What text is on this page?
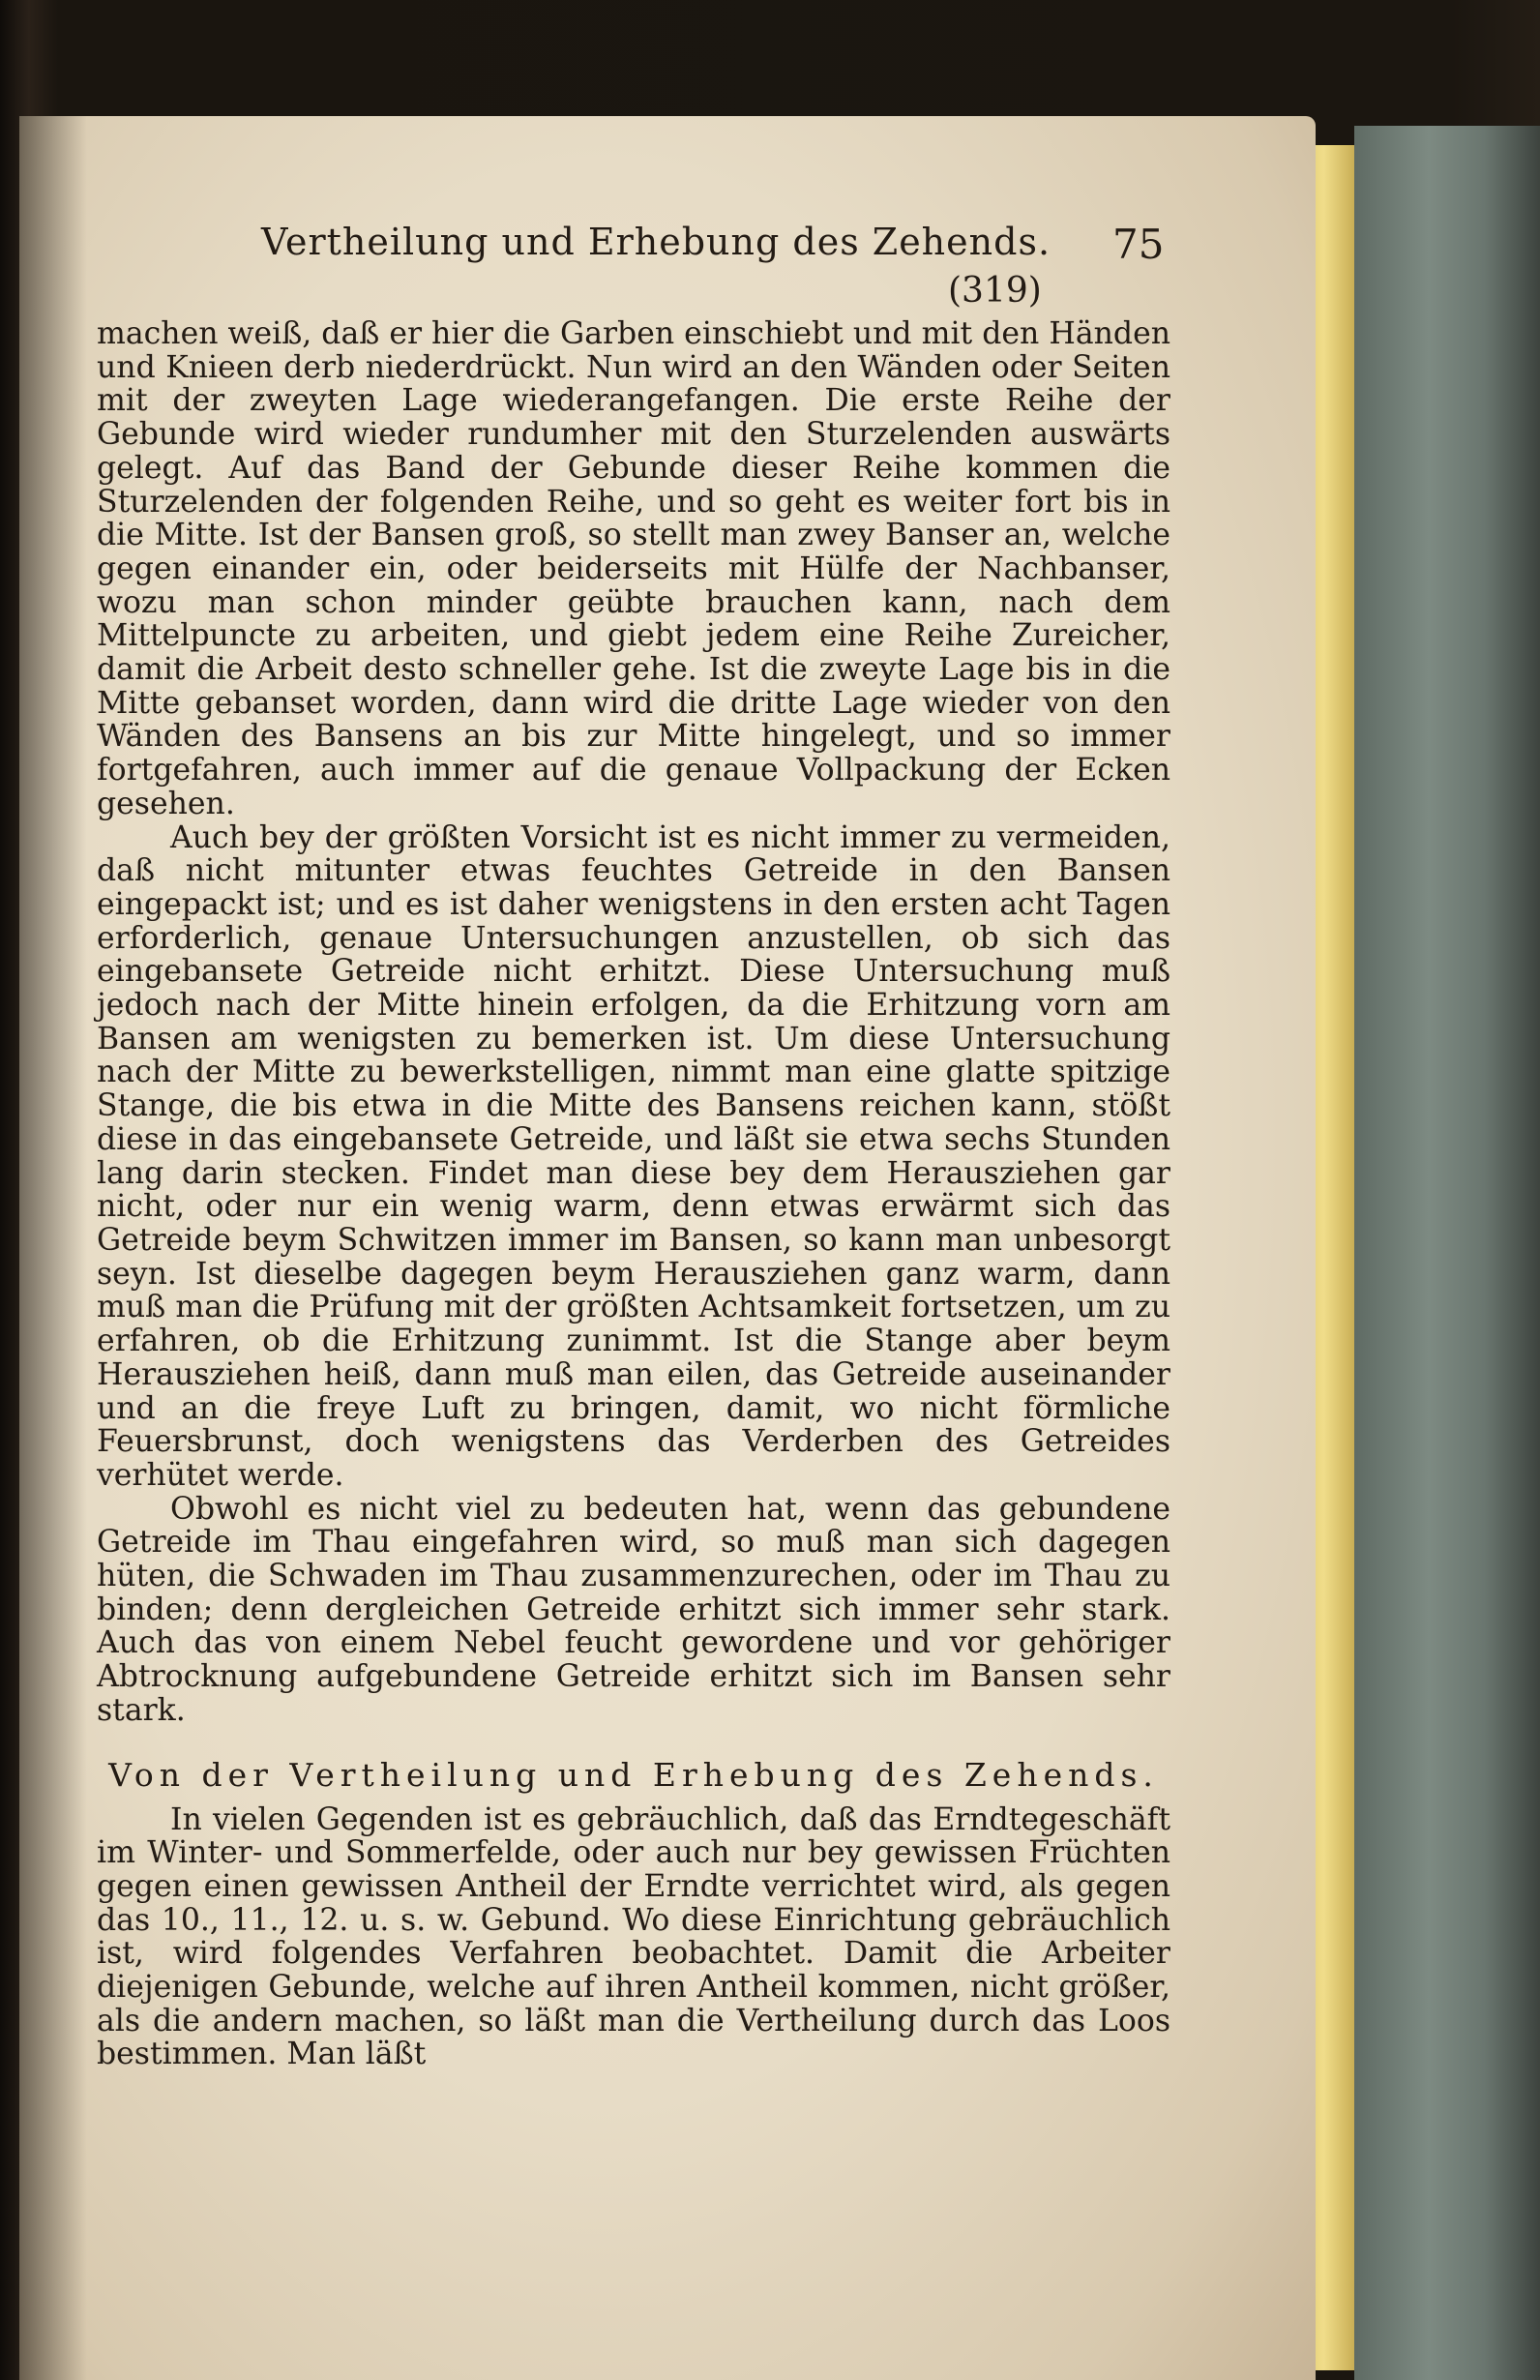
Vertheilung und Erhebung des Zehends. 75
(319)

machen weiß, daß er hier die Garben einschiebt und mit den Händen und Knieen derb niederdrückt. Nun wird an den Wänden oder Seiten mit der zweyten Lage wiederangefangen. Die erste Reihe der Gebunde wird wieder rundumher mit den Sturzelenden auswärts gelegt. Auf das Band der Gebunde dieser Reihe kommen die Sturzelenden der folgenden Reihe, und so geht es weiter fort bis in die Mitte. Ist der Bansen groß, so stellt man zwey Banser an, welche gegen einander ein, oder beiderseits mit Hülfe der Nachbanser, wozu man schon minder geübte brauchen kann, nach dem Mittelpuncte zu arbeiten, und giebt jedem eine Reihe Zureicher, damit die Arbeit desto schneller gehe. Ist die zweyte Lage bis in die Mitte gebanset worden, dann wird die dritte Lage wieder von den Wänden des Bansens an bis zur Mitte hingelegt, und so immer fortgefahren, auch immer auf die genaue Vollpackung der Ecken gesehen.

Auch bey der größten Vorsicht ist es nicht immer zu vermeiden, daß nicht mitunter etwas feuchtes Getreide in den Bansen eingepackt ist; und es ist daher wenigstens in den ersten acht Tagen erforderlich, genaue Untersuchungen anzustellen, ob sich das eingebansete Getreide nicht erhitzt. Diese Untersuchung muß jedoch nach der Mitte hinein erfolgen, da die Erhitzung vorn am Bansen am wenigsten zu bemerken ist. Um diese Untersuchung nach der Mitte zu bewerkstelligen, nimmt man eine glatte spitzige Stange, die bis etwa in die Mitte des Bansens reichen kann, stößt diese in das eingebansete Getreide, und läßt sie etwa sechs Stunden lang darin stecken. Findet man diese bey dem Herausziehen gar nicht, oder nur ein wenig warm, denn etwas erwärmt sich das Getreide beym Schwitzen immer im Bansen, so kann man unbesorgt seyn. Ist dieselbe dagegen beym Herausziehen ganz warm, dann muß man die Prüfung mit der größten Achtsamkeit fortsetzen, um zu erfahren, ob die Erhitzung zunimmt. Ist die Stange aber beym Herausziehen heiß, dann muß man eilen, das Getreide auseinander und an die freye Luft zu bringen, damit, wo nicht förmliche Feuersbrunst, doch wenigstens das Verderben des Getreides verhütet werde.

Obwohl es nicht viel zu bedeuten hat, wenn das gebundene Getreide im Thau eingefahren wird, so muß man sich dagegen hüten, die Schwaden im Thau zusammenzurechen, oder im Thau zu binden; denn dergleichen Getreide erhitzt sich immer sehr stark. Auch das von einem Nebel feucht gewordene und vor gehöriger Abtrocknung aufgebundene Getreide erhitzt sich im Bansen sehr stark.

Von der Vertheilung und Erhebung des Zehends.

In vielen Gegenden ist es gebräuchlich, daß das Erndtegeschäft im Winter- und Sommerfelde, oder auch nur bey gewissen Früchten gegen einen gewissen Antheil der Erndte verrichtet wird, als gegen das 10., 11., 12. u. s. w. Gebund. Wo diese Einrichtung gebräuchlich ist, wird folgendes Verfahren beobachtet. Damit die Arbeiter diejenigen Gebunde, welche auf ihren Antheil kommen, nicht größer, als die andern machen, so läßt man die Vertheilung durch das Loos bestimmen. Man läßt
